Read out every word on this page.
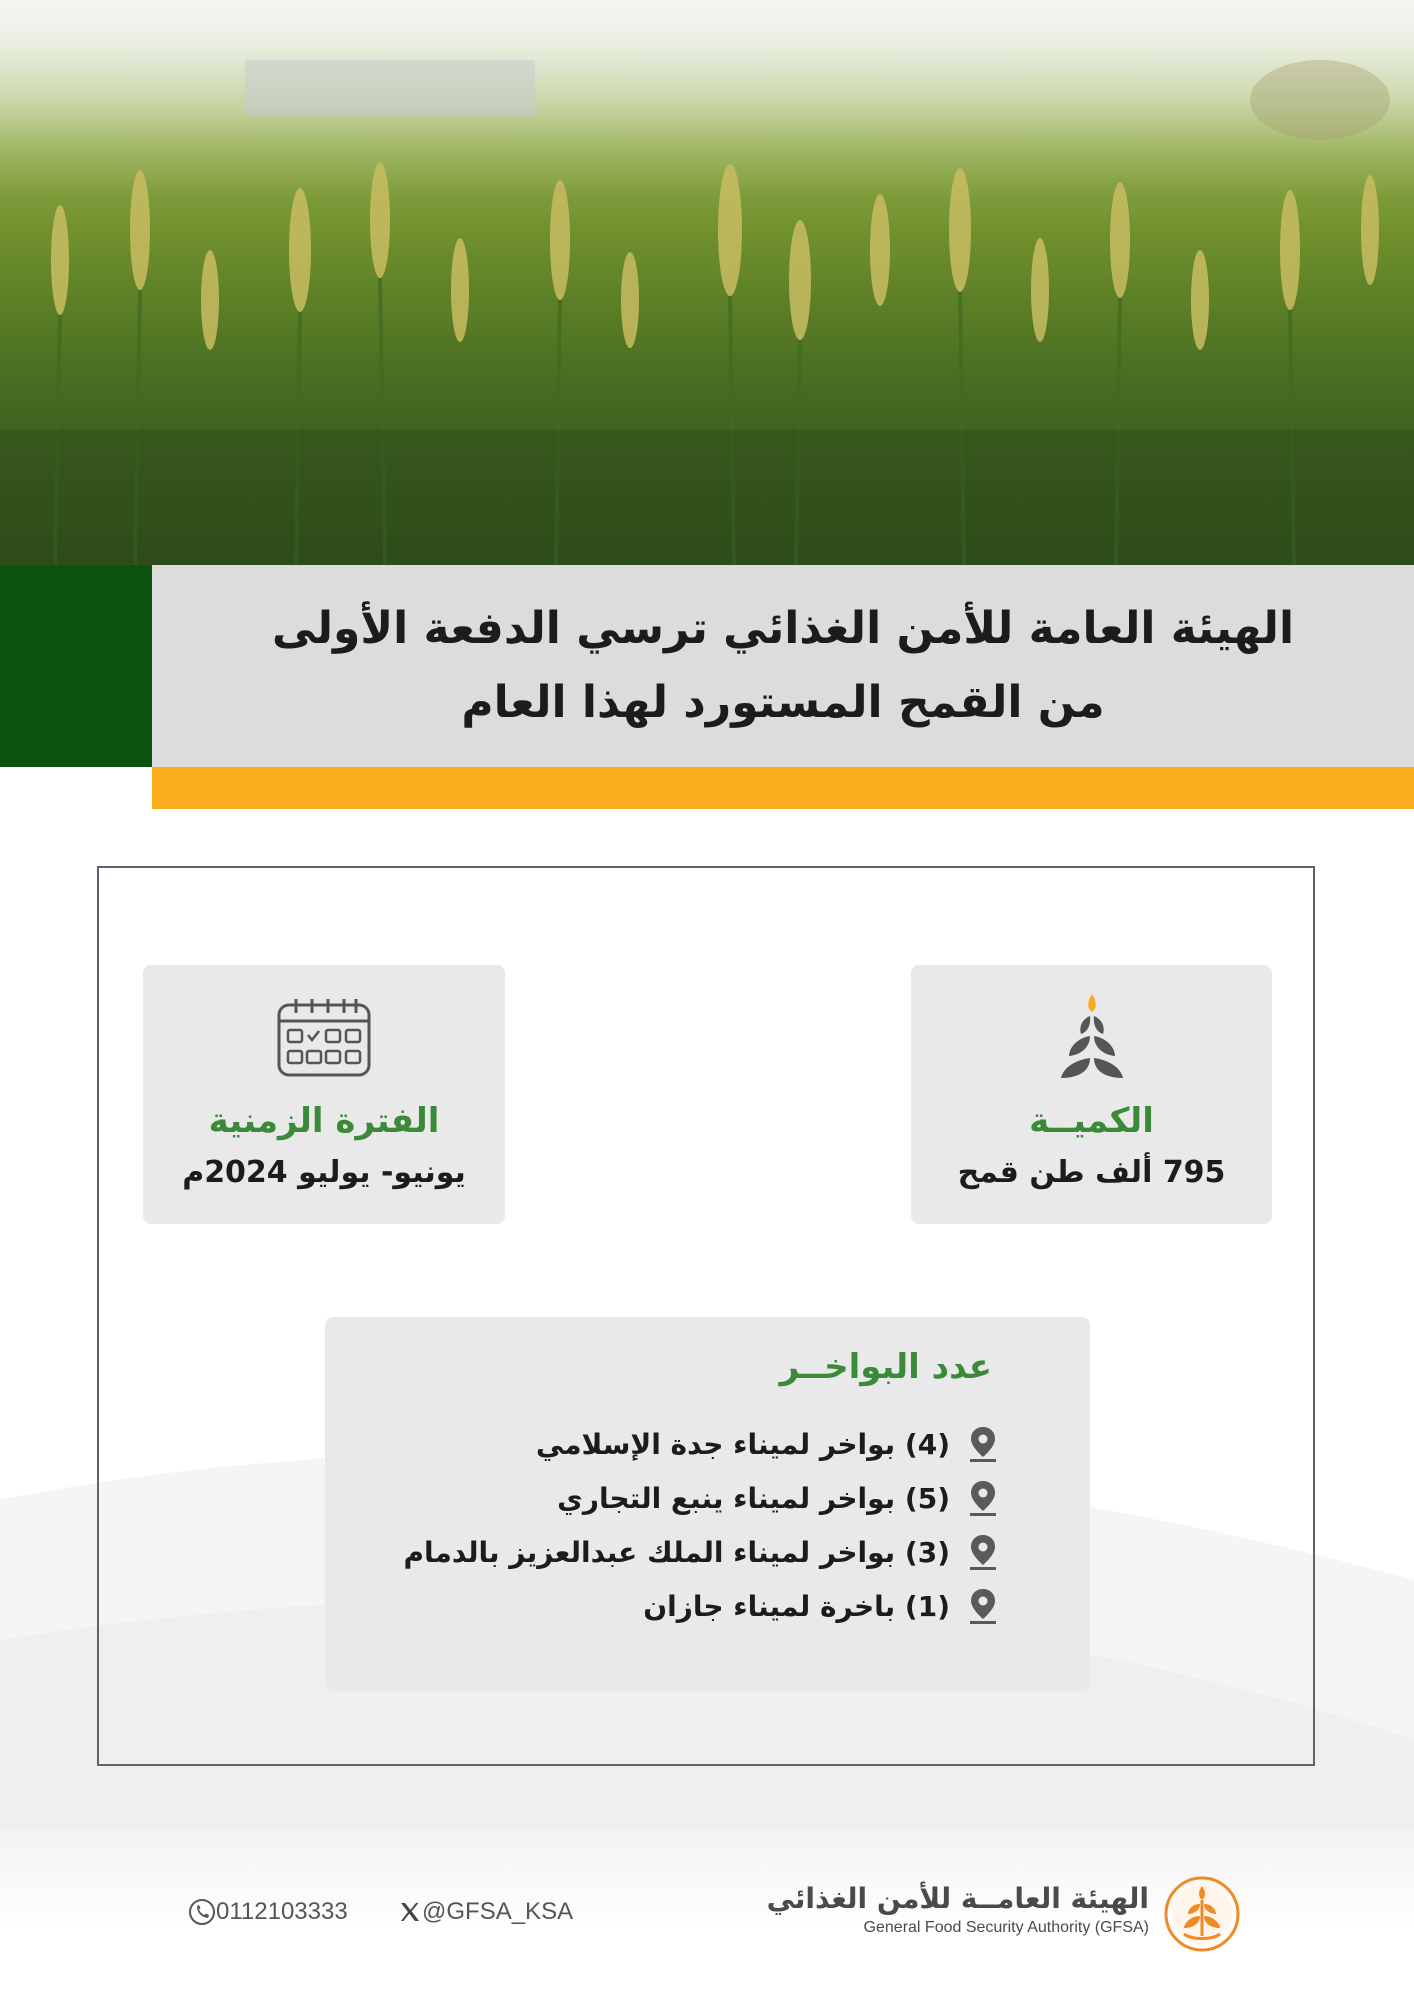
الهيئة العامة للأمن الغذائي ترسي الدفعة الأولى
من القمح المستورد لهذا العام
الكميــة
795 ألف طن قمح
الفترة الزمنية
يونيو- يوليو 2024م
عدد البواخــر
(4) بواخر لميناء جدة الإسلامي
(5) بواخر لميناء ينبع التجاري
(3) بواخر لميناء الملك عبدالعزيز بالدمام
(1) باخرة لميناء جازان
0112103333	@GFSA_KSA	الهيئة العامــة للأمن الغذائي
General Food Security Authority (GFSA)
